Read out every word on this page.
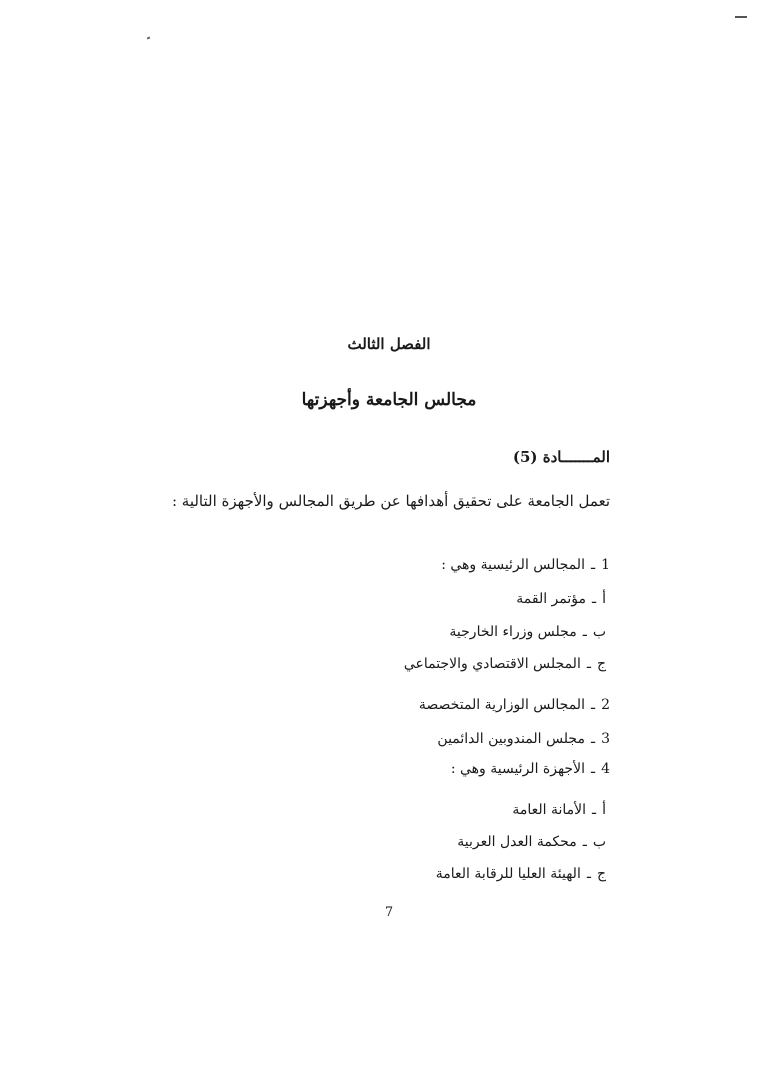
الفصل الثالث
مجالس الجامعة وأجهزتها
المـــــــادة (5)
تعمل الجامعة على تحقيق أهدافها عن طريق المجالس والأجهزة التالية :
1ـالمجالس الرئيسية وهي :
أـمؤتمر القمة
بـمجلس وزراء الخارجية
جـالمجلس الاقتصادي والاجتماعي
2ـالمجالس الوزارية المتخصصة
3ـمجلس المندوبين الدائمين
4ـالأجهزة الرئيسية وهي :
أـالأمانة العامة
بـمحكمة العدل العربية
جـالهيئة العليا للرقابة العامة
7
